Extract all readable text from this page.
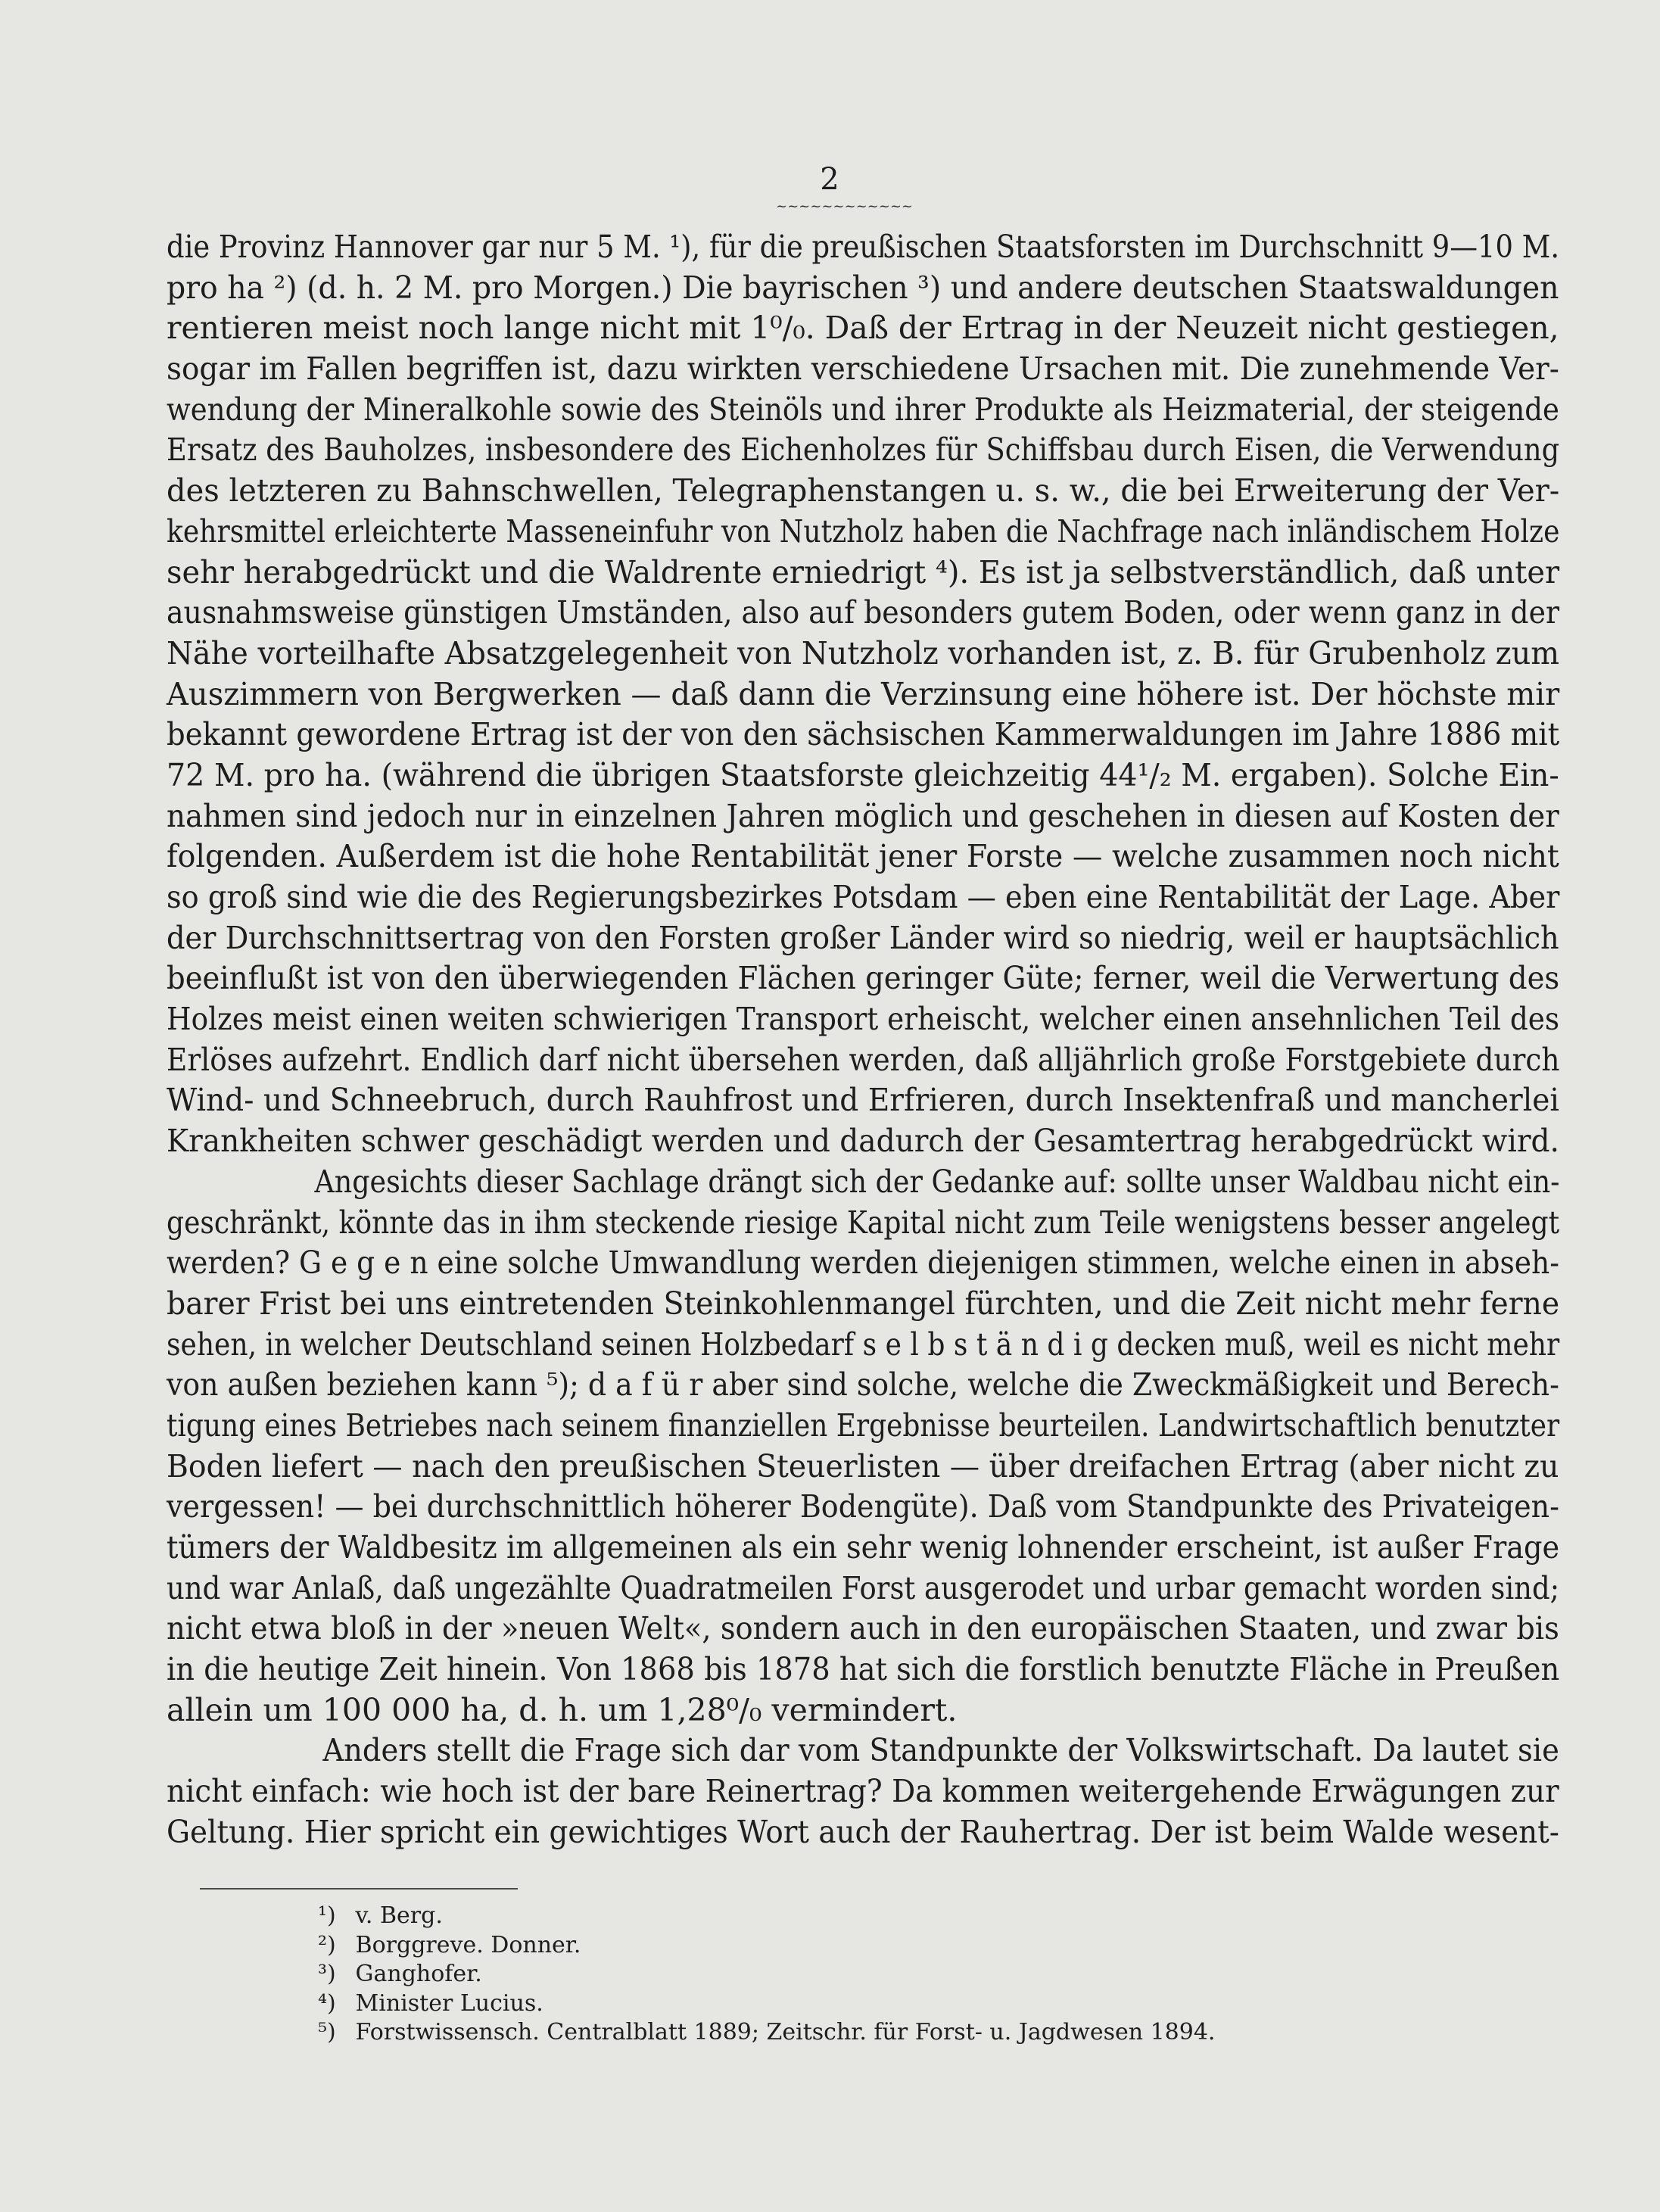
2
~~~~~~~~~~~~
die Provinz Hannover gar nur 5 M. ¹), für die preußischen Staatsforsten im Durchschnitt 9—10 M.
pro ha ²) (d. h. 2 M. pro Morgen.) Die bayrischen ³) und andere deutschen Staatswaldungen
rentieren meist noch lange nicht mit 1⁰/₀. Daß der Ertrag in der Neuzeit nicht gestiegen,
sogar im Fallen begriffen ist, dazu wirkten verschiedene Ursachen mit. Die zunehmende Ver-
wendung der Mineralkohle sowie des Steinöls und ihrer Produkte als Heizmaterial, der steigende
Ersatz des Bauholzes, insbesondere des Eichenholzes für Schiffsbau durch Eisen, die Verwendung
des letzteren zu Bahnschwellen, Telegraphenstangen u. s. w., die bei Erweiterung der Ver-
kehrsmittel erleichterte Masseneinfuhr von Nutzholz haben die Nachfrage nach inländischem Holze
sehr herabgedrückt und die Waldrente erniedrigt ⁴). Es ist ja selbstverständlich, daß unter
ausnahmsweise günstigen Umständen, also auf besonders gutem Boden, oder wenn ganz in der
Nähe vorteilhafte Absatzgelegenheit von Nutzholz vorhanden ist, z. B. für Grubenholz zum
Auszimmern von Bergwerken — daß dann die Verzinsung eine höhere ist. Der höchste mir
bekannt gewordene Ertrag ist der von den sächsischen Kammerwaldungen im Jahre 1886 mit
72 M. pro ha. (während die übrigen Staatsforste gleichzeitig 44¹/₂ M. ergaben). Solche Ein-
nahmen sind jedoch nur in einzelnen Jahren möglich und geschehen in diesen auf Kosten der
folgenden. Außerdem ist die hohe Rentabilität jener Forste — welche zusammen noch nicht
so groß sind wie die des Regierungsbezirkes Potsdam — eben eine Rentabilität der Lage. Aber
der Durchschnittsertrag von den Forsten großer Länder wird so niedrig, weil er hauptsächlich
beeinflußt ist von den überwiegenden Flächen geringer Güte; ferner, weil die Verwertung des
Holzes meist einen weiten schwierigen Transport erheischt, welcher einen ansehnlichen Teil des
Erlöses aufzehrt. Endlich darf nicht übersehen werden, daß alljährlich große Forstgebiete durch
Wind- und Schneebruch, durch Rauhfrost und Erfrieren, durch Insektenfraß und mancherlei
Krankheiten schwer geschädigt werden und dadurch der Gesamtertrag herabgedrückt wird.
Angesichts dieser Sachlage drängt sich der Gedanke auf: sollte unser Waldbau nicht ein-
geschränkt, könnte das in ihm steckende riesige Kapital nicht zum Teile wenigstens besser angelegt
werden? G e g e n eine solche Umwandlung werden diejenigen stimmen, welche einen in abseh-
barer Frist bei uns eintretenden Steinkohlenmangel fürchten, und die Zeit nicht mehr ferne
sehen, in welcher Deutschland seinen Holzbedarf s e l b s t ä n d i g decken muß, weil es nicht mehr
von außen beziehen kann ⁵); d a f ü r aber sind solche, welche die Zweckmäßigkeit und Berech-
tigung eines Betriebes nach seinem finanziellen Ergebnisse beurteilen. Landwirtschaftlich benutzter
Boden liefert — nach den preußischen Steuerlisten — über dreifachen Ertrag (aber nicht zu
vergessen! — bei durchschnittlich höherer Bodengüte). Daß vom Standpunkte des Privateigen-
tümers der Waldbesitz im allgemeinen als ein sehr wenig lohnender erscheint, ist außer Frage
und war Anlaß, daß ungezählte Quadratmeilen Forst ausgerodet und urbar gemacht worden sind;
nicht etwa bloß in der »neuen Welt«, sondern auch in den europäischen Staaten, und zwar bis
in die heutige Zeit hinein. Von 1868 bis 1878 hat sich die forstlich benutzte Fläche in Preußen
allein um 100 000 ha, d. h. um 1,28⁰/₀ vermindert.
Anders stellt die Frage sich dar vom Standpunkte der Volkswirtschaft. Da lautet sie
nicht einfach: wie hoch ist der bare Reinertrag? Da kommen weitergehende Erwägungen zur
Geltung. Hier spricht ein gewichtiges Wort auch der Rauhertrag. Der ist beim Walde wesent-
¹) v. Berg.
²) Borggreve. Donner.
³) Ganghofer.
⁴) Minister Lucius.
⁵) Forstwissensch. Centralblatt 1889; Zeitschr. für Forst- u. Jagdwesen 1894.
